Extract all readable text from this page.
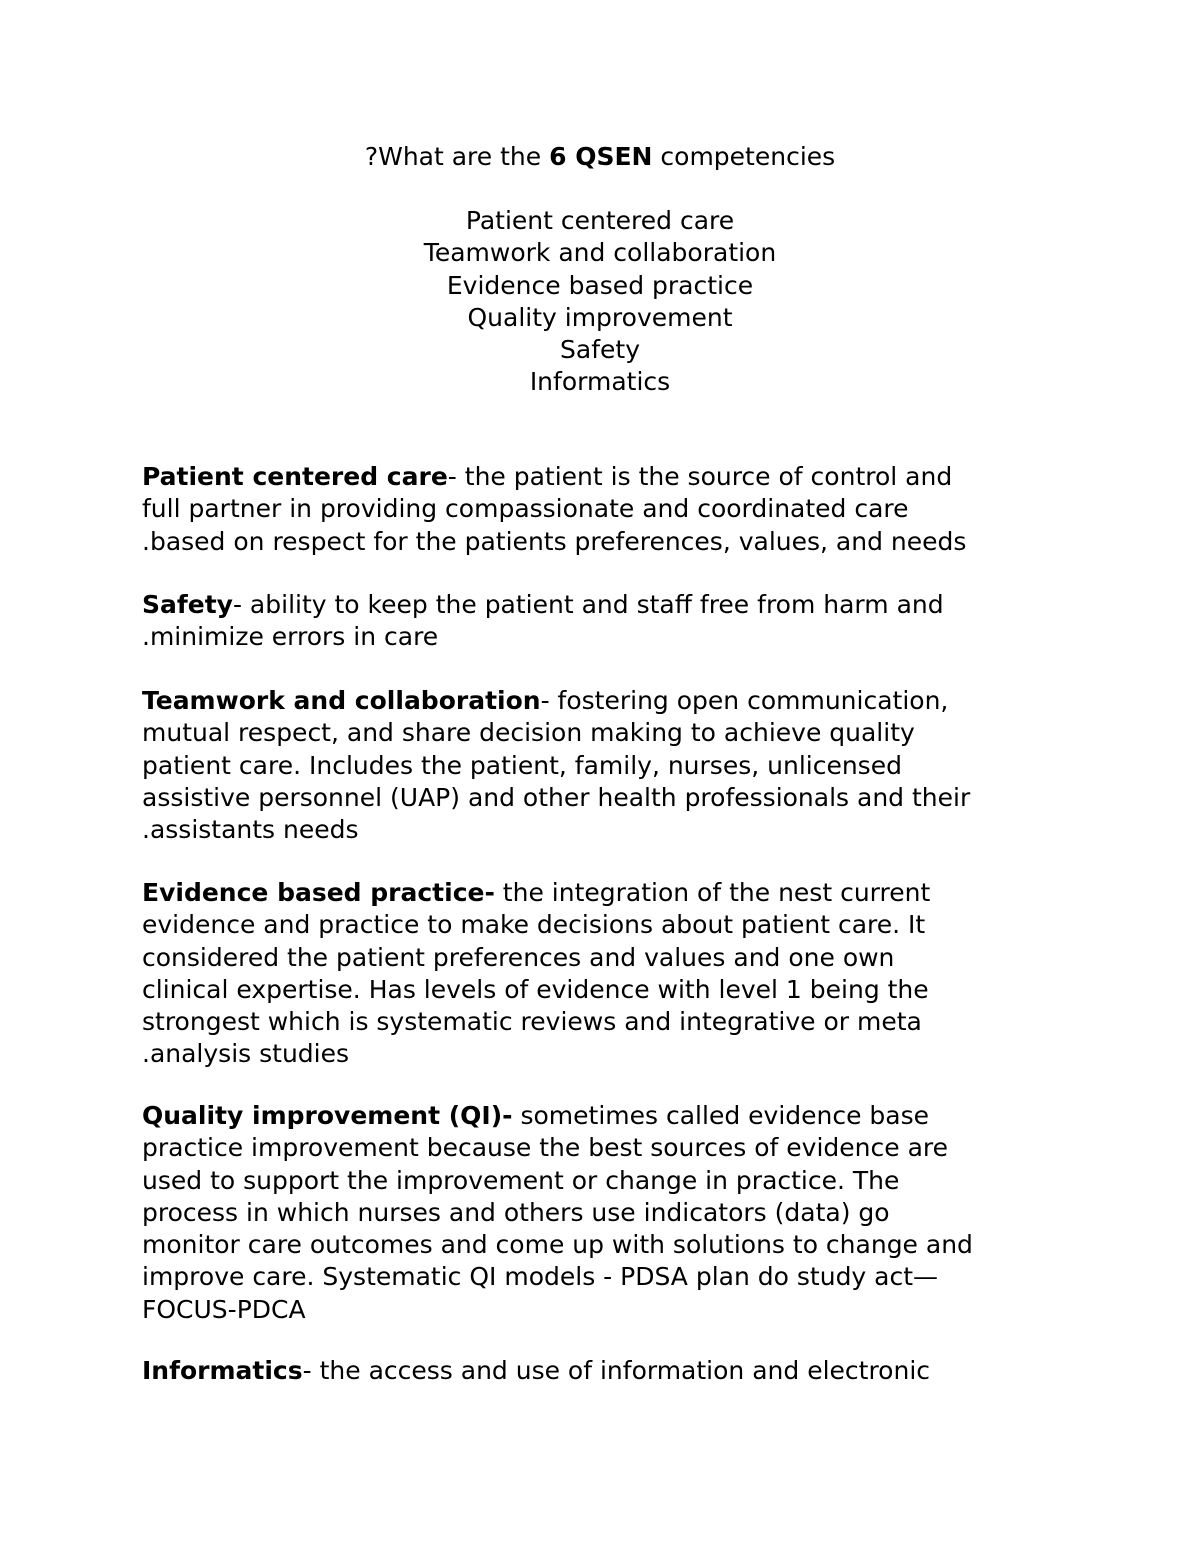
?What are the 6 QSEN competencies
Patient centered care
Teamwork and collaboration
Evidence based practice
Quality improvement
Safety
Informatics
Patient centered care- the patient is the source of control and
full partner in providing compassionate and coordinated care
.based on respect for the patients preferences, values, and needs
Safety- ability to keep the patient and staff free from harm and
.minimize errors in care
Teamwork and collaboration- fostering open communication,
mutual respect, and share decision making to achieve quality
patient care. Includes the patient, family, nurses, unlicensed
assistive personnel (UAP) and other health professionals and their
.assistants needs
Evidence based practice- the integration of the nest current
evidence and practice to make decisions about patient care. It
considered the patient preferences and values and one own
clinical expertise. Has levels of evidence with level 1 being the
strongest which is systematic reviews and integrative or meta
.analysis studies
Quality improvement (QI)- sometimes called evidence base
practice improvement because the best sources of evidence are
used to support the improvement or change in practice. The
process in which nurses and others use indicators (data) go
monitor care outcomes and come up with solutions to change and
improve care. Systematic QI models - PDSA plan do study act—
FOCUS-PDCA
Informatics- the access and use of information and electronic
